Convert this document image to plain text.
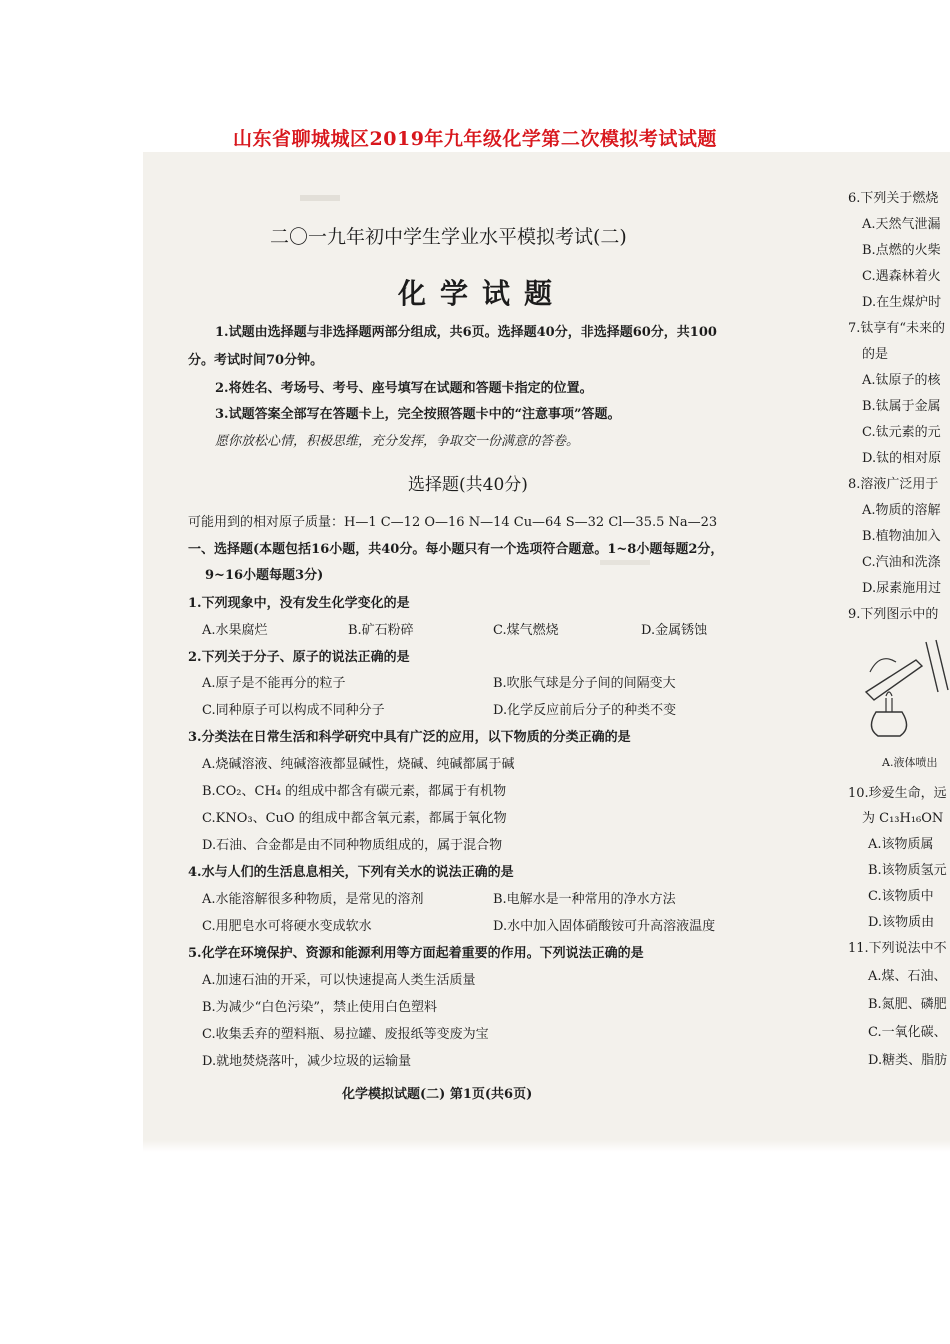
山东省聊城城区2019年九年级化学第二次模拟考试试题
二〇一九年初中学生学业水平模拟考试(二)
化学试题
1.试题由选择题与非选择题两部分组成，共6页。选择题40分，非选择题60分，共100
分。考试时间70分钟。
2.将姓名、考场号、考号、座号填写在试题和答题卡指定的位置。
3.试题答案全部写在答题卡上，完全按照答题卡中的“注意事项”答题。
愿你放松心情，积极思维，充分发挥，争取交一份满意的答卷。
选择题(共40分)
可能用到的相对原子质量：H—1 C—12 O—16 N—14 Cu—64 S—32 Cl—35.5 Na—23
一、选择题(本题包括16小题，共40分。每小题只有一个选项符合题意。1~8小题每题2分，
9~16小题每题3分)
1.下列现象中，没有发生化学变化的是
A.水果腐烂	B.矿石粉碎	C.煤气燃烧	D.金属锈蚀
2.下列关于分子、原子的说法正确的是
A.原子是不能再分的粒子	B.吹胀气球是分子间的间隔变大
C.同种原子可以构成不同种分子	D.化学反应前后分子的种类不变
3.分类法在日常生活和科学研究中具有广泛的应用，以下物质的分类正确的是
A.烧碱溶液、纯碱溶液都显碱性，烧碱、纯碱都属于碱
B.CO₂、CH₄ 的组成中都含有碳元素，都属于有机物
C.KNO₃、CuO 的组成中都含氧元素，都属于氧化物
D.石油、合金都是由不同种物质组成的，属于混合物
4.水与人们的生活息息相关，下列有关水的说法正确的是
A.水能溶解很多种物质，是常见的溶剂	B.电解水是一种常用的净水方法
C.用肥皂水可将硬水变成软水	D.水中加入固体硝酸铵可升高溶液温度
5.化学在环境保护、资源和能源利用等方面起着重要的作用。下列说法正确的是
A.加速石油的开采，可以快速提高人类生活质量
B.为减少“白色污染”，禁止使用白色塑料
C.收集丢弃的塑料瓶、易拉罐、废报纸等变废为宝
D.就地焚烧落叶，减少垃圾的运输量
化学模拟试题(二) 第1页(共6页)
6.下列关于燃烧
A.天然气泄漏
B.点燃的火柴
C.遇森林着火
D.在生煤炉时
7.钛享有“未来的
的是
A.钛原子的核
B.钛属于金属
C.钛元素的元
D.钛的相对原
8.溶液广泛用于
A.物质的溶解
B.植物油加入
C.汽油和洗涤
D.尿素施用过
9.下列图示中的
A.液体喷出
10.珍爱生命，远
为 C₁₃H₁₆ON
A.该物质属
B.该物质氢元
C.该物质中
D.该物质由
11.下列说法中不
A.煤、石油、
B.氮肥、磷肥
C.一氧化碳、
D.糖类、脂肪
